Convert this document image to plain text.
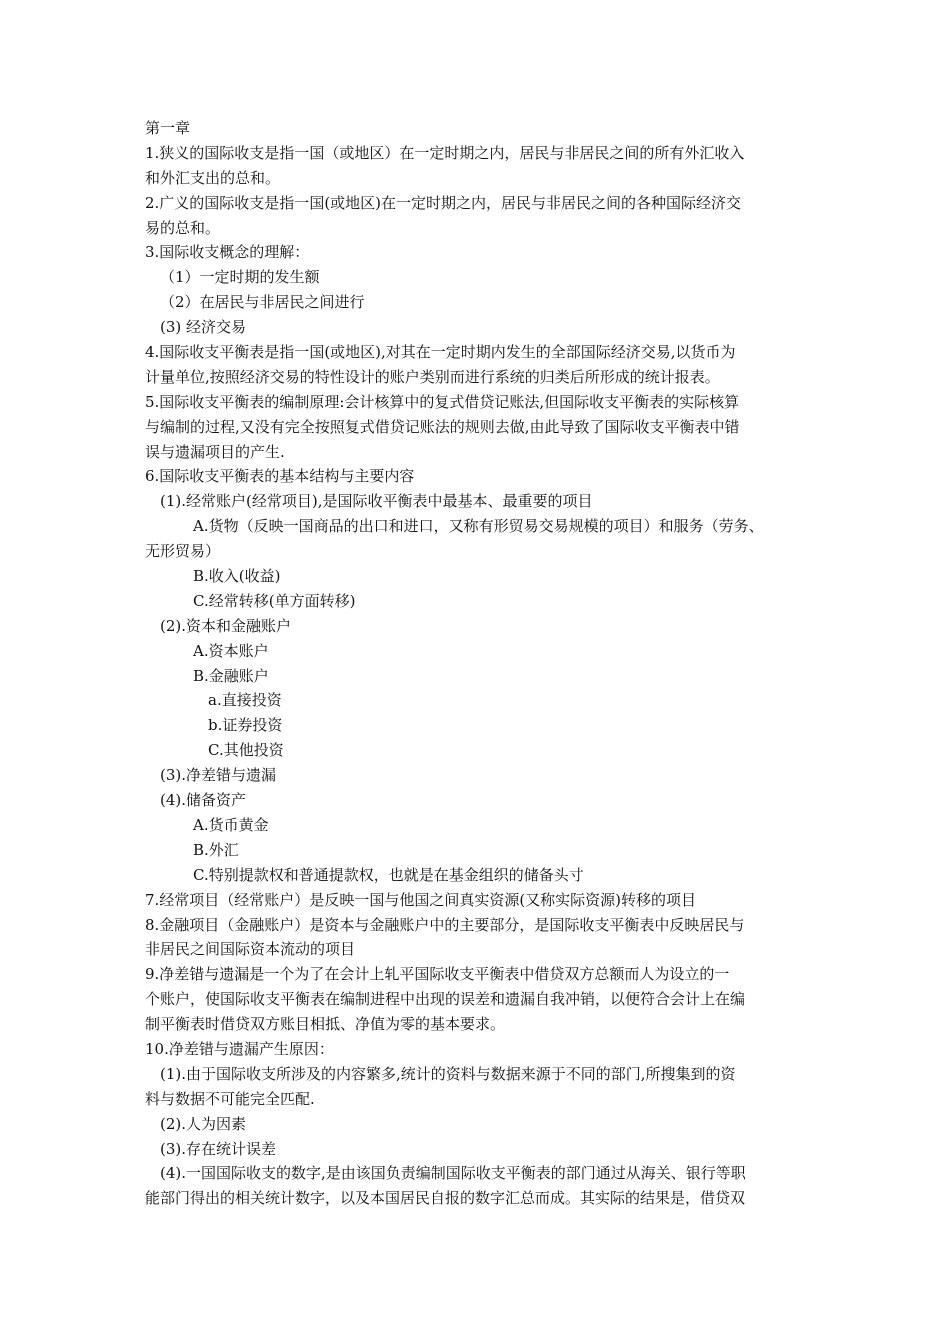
第一章
1.狭义的国际收支是指一国（或地区）在一定时期之内，居民与非居民之间的所有外汇收入
和外汇支出的总和。
2.广义的国际收支是指一国(或地区)在一定时期之内，居民与非居民之间的各种国际经济交
易的总和。
3.国际收支概念的理解：
（1）一定时期的发生额
（2）在居民与非居民之间进行
(3) 经济交易
4.国际收支平衡表是指一国(或地区),对其在一定时期内发生的全部国际经济交易,以货币为
计量单位,按照经济交易的特性设计的账户类别而进行系统的归类后所形成的统计报表。
5.国际收支平衡表的编制原理:会计核算中的复式借贷记账法,但国际收支平衡表的实际核算
与编制的过程,又没有完全按照复式借贷记账法的规则去做,由此导致了国际收支平衡表中错
误与遗漏项目的产生.
6.国际收支平衡表的基本结构与主要内容
(1).经常账户(经常项目),是国际收平衡表中最基本、最重要的项目
A.货物（反映一国商品的出口和进口，又称有形贸易交易规模的项目）和服务（劳务、
无形贸易）
B.收入(收益)
C.经常转移(单方面转移)
(2).资本和金融账户
A.资本账户
B.金融账户
a.直接投资
b.证券投资
C.其他投资
(3).净差错与遗漏
(4).储备资产
A.货币黄金
B.外汇
C.特别提款权和普通提款权，也就是在基金组织的储备头寸
7.经常项目（经常账户）是反映一国与他国之间真实资源(又称实际资源)转移的项目
8.金融项目（金融账户）是资本与金融账户中的主要部分，是国际收支平衡表中反映居民与
非居民之间国际资本流动的项目
9.净差错与遗漏是一个为了在会计上轧平国际收支平衡表中借贷双方总额而人为设立的一
个账户，使国际收支平衡表在编制进程中出现的误差和遗漏自我冲销，以便符合会计上在编
制平衡表时借贷双方账目相抵、净值为零的基本要求。
10.净差错与遗漏产生原因：
(1).由于国际收支所涉及的内容繁多,统计的资料与数据来源于不同的部门,所搜集到的资
料与数据不可能完全匹配.
(2).人为因素
(3).存在统计误差
(4).一国国际收支的数字,是由该国负责编制国际收支平衡表的部门通过从海关、银行等职
能部门得出的相关统计数字，以及本国居民自报的数字汇总而成。其实际的结果是，借贷双
